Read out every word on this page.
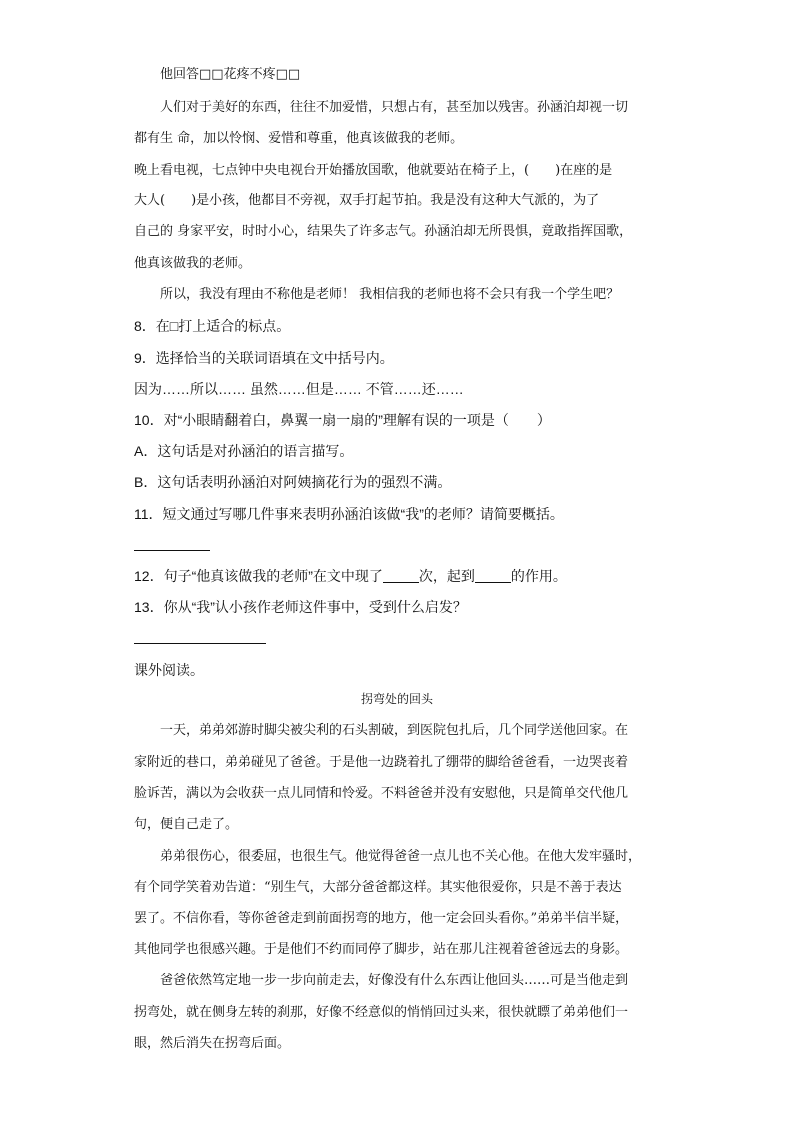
他回答□□花疼不疼□□
人们对于美好的东西，往往不加爱惜，只想占有，甚至加以残害。孙涵泊却视一切
都有生 命，加以怜悯、爱惜和尊重，他真该做我的老师。
晚上看电视，七点钟中央电视台开始播放国歌，他就要站在椅子上，(　　)在座的是
大人(　　)是小孩，他都目不旁视，双手打起节拍。我是没有这种大气派的，为了
自己的 身家平安，时时小心，结果失了许多志气。孙涵泊却无所畏惧，竟敢指挥国歌，
他真该做我的老师。
所以，我没有理由不称他是老师！ 我相信我的老师也将不会只有我一个学生吧？
8．在□打上适合的标点。
9．选择恰当的关联词语填在文中括号内。
因为……所以…… 虽然……但是…… 不管……还……
10．对“小眼睛翻着白，鼻翼一扇一扇的”理解有误的一项是（　　）
A．这句话是对孙涵泊的语言描写。
B．这句话表明孙涵泊对阿姨摘花行为的强烈不满。
11．短文通过写哪几件事来表明孙涵泊该做“我”的老师？请简要概括。
12．句子“他真该做我的老师”在文中现了	次，起到	的作用。
13．你从“我”认小孩作老师这件事中，受到什么启发？
课外阅读。
拐弯处的回头
一天，弟弟郊游时脚尖被尖利的石头割破，到医院包扎后，几个同学送他回家。在
家附近的巷口，弟弟碰见了爸爸。于是他一边跷着扎了绷带的脚给爸爸看，一边哭丧着
脸诉苦，满以为会收获一点儿同情和怜爱。不料爸爸并没有安慰他，只是简单交代他几
句，便自己走了。
弟弟很伤心，很委屈，也很生气。他觉得爸爸一点儿也不关心他。在他大发牢骚时，
有个同学笑着劝告道：“别生气，大部分爸爸都这样。其实他很爱你，只是不善于表达
罢了。不信你看，等你爸爸走到前面拐弯的地方，他一定会回头看你。”弟弟半信半疑，
其他同学也很感兴趣。于是他们不约而同停了脚步，站在那儿注视着爸爸远去的身影。
爸爸依然笃定地一步一步向前走去，好像没有什么东西让他回头……可是当他走到
拐弯处，就在侧身左转的刹那，好像不经意似的悄悄回过头来，很快就瞟了弟弟他们一
眼，然后消失在拐弯后面。
